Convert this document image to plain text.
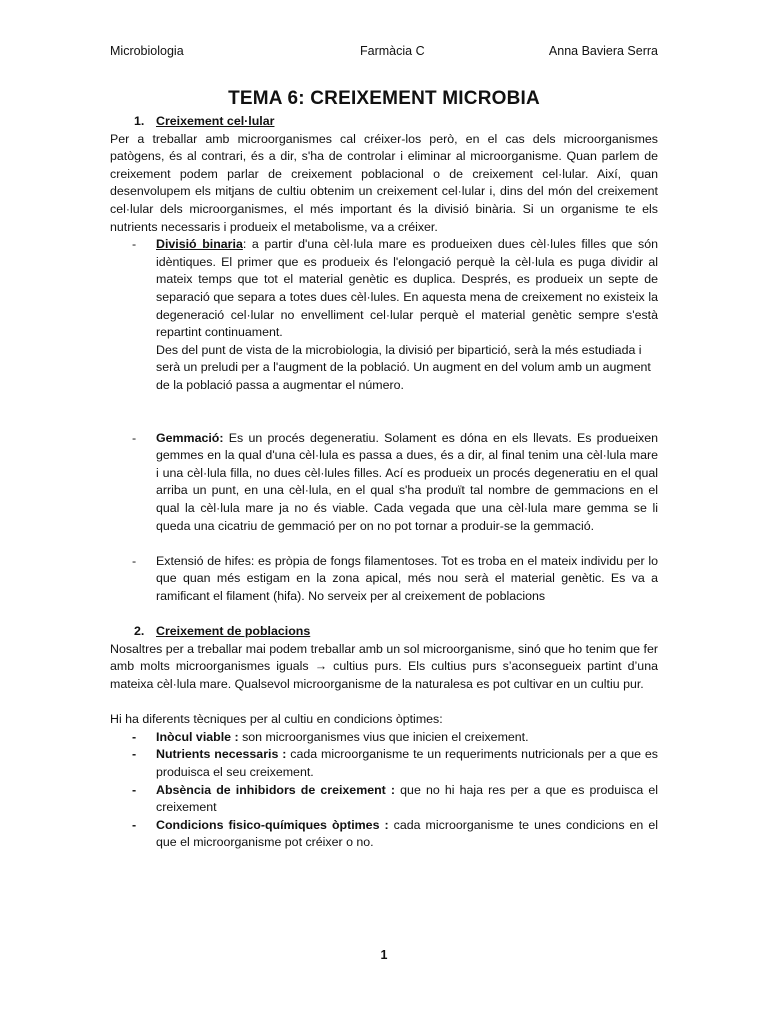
Microbiologia	Farmàcia C	Anna Baviera Serra
TEMA 6: CREIXEMENT MICROBIA

1. Creixement cel·lular

Per a treballar amb microorganismes cal créixer-los però, en el cas dels microorganismes patògens, és al contrari, és a dir, s'ha de controlar i eliminar al microorganisme. Quan parlem de creixement podem parlar de creixement poblacional o de creixement cel·lular. Així, quan desenvolupem els mitjans de cultiu obtenim un creixement cel·lular i, dins del món del creixement cel·lular dels microorganismes, el més important és la divisió binària. Si un organisme te els nutrients necessaris i produeix el metabolisme, va a créixer.

- Divisió binaria: a partir d'una cèl·lula mare es produeixen dues cèl·lules filles que són idèntiques. El primer que es produeix és l'elongació perquè la cèl·lula es puga dividir al mateix temps que tot el material genètic es duplica. Després, es produeix un septe de separació que separa a totes dues cèl·lules. En aquesta mena de creixement no existeix la degeneració cel·lular no envelliment cel·lular perquè el material genètic sempre s'està repartint continuament.
Des del punt de vista de la microbiologia, la divisió per bipartició, serà la més estudiada i serà un preludi per a l'augment de la població. Un augment en del volum amb un augment de la població passa a augmentar el número.
- Gemmació: Es un procés degeneratiu. Solament es dóna en els llevats. Es produeixen gemmes en la qual d'una cèl·lula es passa a dues, és a dir, al final tenim una cèl·lula mare i una cèl·lula filla, no dues cèl·lules filles. Ací es produeix un procés degeneratiu en el qual arriba un punt, en una cèl·lula, en el qual s'ha produït tal nombre de gemmacions en el qual la cèl·lula mare ja no és viable. Cada vegada que una cèl·lula mare gemma se li queda una cicatriu de gemmació per on no pot tornar a produir-se la gemmació.
- Extensió de hifes: es pròpia de fongs filamentoses. Tot es troba en el mateix individu per lo que quan més estigam en la zona apical, més nou serà el material genètic. Es va a ramificant el filament (hifa). No serveix per al creixement de poblacions

2. Creixement de poblacions

Nosaltres per a treballar mai podem treballar amb un sol microorganisme, sinó que ho tenim que fer amb molts microorganismes iguals → cultius purs. Els cultius purs s’aconsegueix partint d’una mateixa cèl·lula mare. Qualsevol microorganisme de la naturalesa es pot cultivar en un cultiu pur.

Hi ha diferents tècniques per al cultiu en condicions òptimes:

- Inòcul viable : son microorganismes vius que inicien el creixement.
- Nutrients necessaris : cada microorganisme te un requeriments nutricionals per a que es produisca el seu creixement.
- Absència de inhibidors de creixement : que no hi haja res per a que es produisca el creixement
- Condicions fisico-químiques òptimes : cada microorganisme te unes condicions en el que el microorganisme pot créixer o no.
1
